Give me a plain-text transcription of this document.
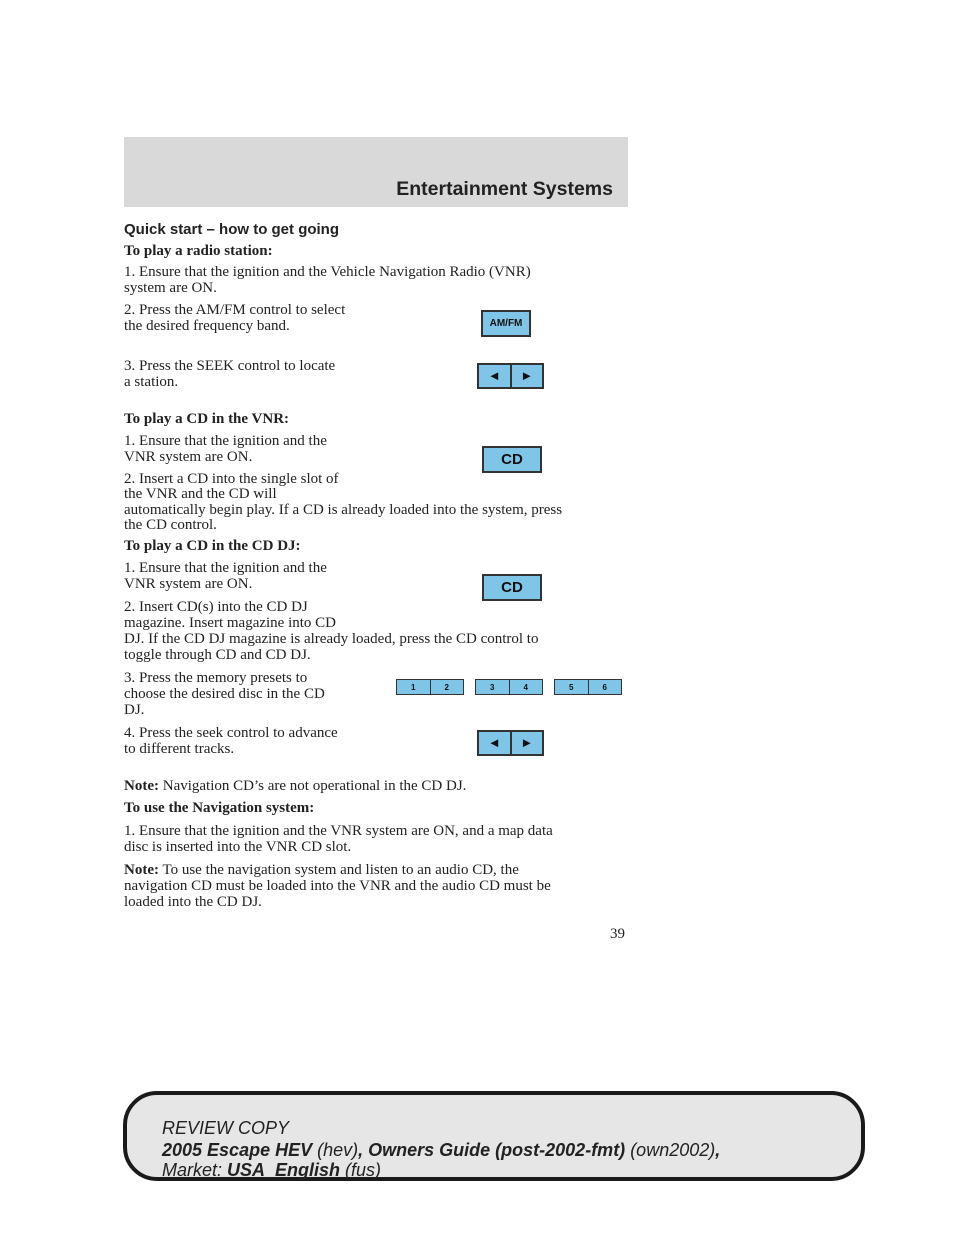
Entertainment Systems
Quick start – how to get going
To play a radio station:
1. Ensure that the ignition and the Vehicle Navigation Radio (VNR)
system are ON.
2. Press the AM/FM control to select
the desired frequency band.	AM/FM
3. Press the SEEK control to locate
a station.	◄	►
To play a CD in the VNR:
1. Ensure that the ignition and the
VNR system are ON.	CD
2. Insert a CD into the single slot of
the VNR and the CD will
automatically begin play. If a CD is already loaded into the system, press
the CD control.
To play a CD in the CD DJ:
1. Ensure that the ignition and the
VNR system are ON.	CD
2. Insert CD(s) into the CD DJ
magazine. Insert magazine into CD
DJ. If the CD DJ magazine is already loaded, press the CD control to
toggle through CD and CD DJ.
3. Press the memory presets to
choose the desired disc in the CD
DJ.
1	2	3	4	5	6
4. Press the seek control to advance
to different tracks.	◄	►
Note: Navigation CD’s are not operational in the CD DJ.
To use the Navigation system:
1. Ensure that the ignition and the VNR system are ON, and a map data
disc is inserted into the VNR CD slot.
Note: To use the navigation system and listen to an audio CD, the
navigation CD must be loaded into the VNR and the audio CD must be
loaded into the CD DJ.
39
REVIEW COPY
2005 Escape HEV (hev), Owners Guide (post-2002-fmt) (own2002),
Market: USA_English (fus)
